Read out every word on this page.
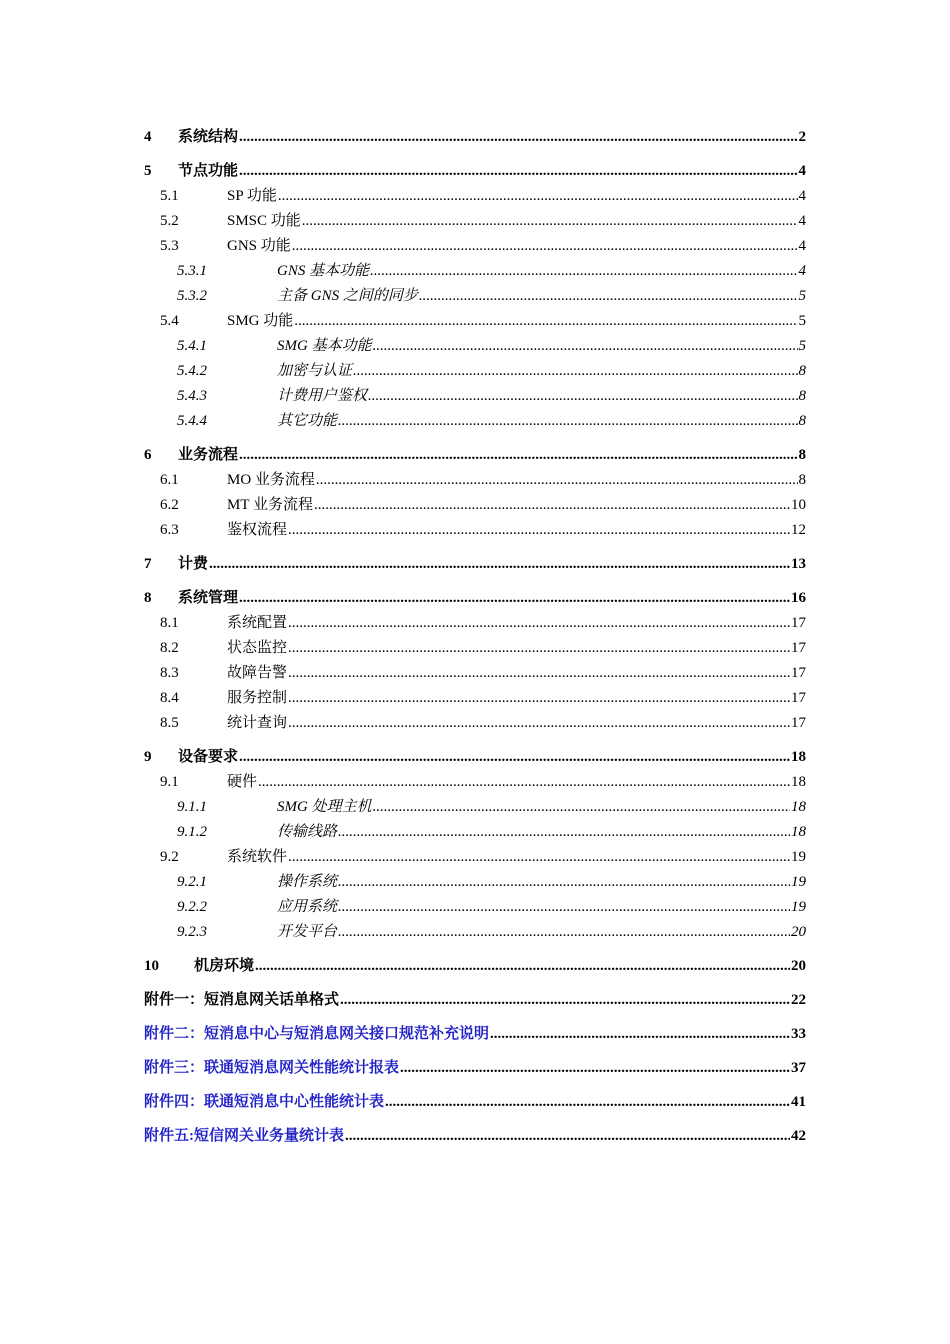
4	系统结构 .....	2
5	节点功能 .....	4
5.1	SP 功能 .....	4
5.2	SMSC 功能 .....	4
5.3	GNS 功能 .....	4
5.3.1	GNS 基本功能 .....	4
5.3.2	主备 GNS 之间的同步 .....	5
5.4	SMG 功能 .....	5
5.4.1	SMG 基本功能 .....	5
5.4.2	加密与认证 .....	8
5.4.3	计费用户鉴权 .....	8
5.4.4	其它功能 .....	8
6	业务流程 .....	8
6.1	MO 业务流程 .....	8
6.2	MT 业务流程 .....	10
6.3	鉴权流程 .....	12
7	计费 .....	13
8	系统管理 .....	16
8.1	系统配置 .....	17
8.2	状态监控 .....	17
8.3	故障告警 .....	17
8.4	服务控制 .....	17
8.5	统计查询 .....	17
9	设备要求 .....	18
9.1	硬件 .....	18
9.1.1	SMG 处理主机 .....	18
9.1.2	传输线路 .....	18
9.2	系统软件 .....	19
9.2.1	操作系统 .....	19
9.2.2	应用系统 .....	19
9.2.3	开发平台 .....	20
10	机房环境 .....	20
附件一：短消息网关话单格式 .....	22
附件二：短消息中心与短消息网关接口规范补充说明 .....	33
附件三：联通短消息网关性能统计报表 .....	37
附件四：联通短消息中心性能统计表 .....	41
附件五:短信网关业务量统计表 .....	42
